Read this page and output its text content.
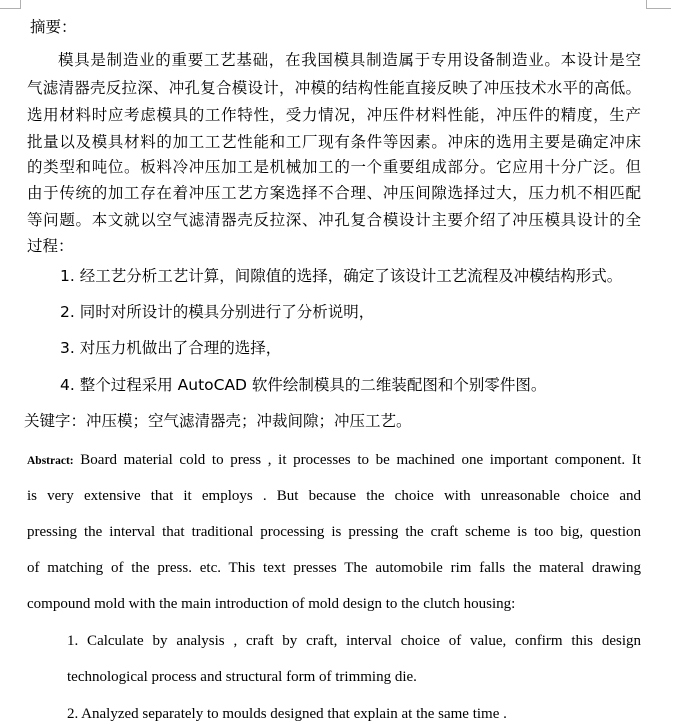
摘要：
模具是制造业的重要工艺基础，在我国模具制造属于专用设备制造业。本设计是空
气滤清器壳反拉深、冲孔复合模设计，冲模的结构性能直接反映了冲压技术水平的高低。
选用材料时应考虑模具的工作特性，受力情况，冲压件材料性能，冲压件的精度，生产
批量以及模具材料的加工工艺性能和工厂现有条件等因素。冲床的选用主要是确定冲床
的类型和吨位。板料冷冲压加工是机械加工的一个重要组成部分。它应用十分广泛。但
由于传统的加工存在着冲压工艺方案选择不合理、冲压间隙选择过大，压力机不相匹配
等问题。本文就以空气滤清器壳反拉深、冲孔复合模设计主要介绍了冲压模具设计的全
过程：
1. 经工艺分析工艺计算，间隙值的选择，确定了该设计工艺流程及冲模结构形式。
2. 同时对所设计的模具分别进行了分析说明，
3. 对压力机做出了合理的选择，
4. 整个过程采用 AutoCAD 软件绘制模具的二维装配图和个别零件图。
关键字：冲压模；空气滤清器壳；冲裁间隙；冲压工艺。
Abstract: Board material cold to press , it processes to be machined one important component. It
is very extensive that it employs . But because the choice with unreasonable choice and
pressing the interval that traditional processing is pressing the craft scheme is too big, question
of matching of the press. etc. This text presses The automobile rim falls the materal drawing
compound mold with the main introduction of mold design to the clutch housing:
1. Calculate by analysis , craft by craft, interval choice of value, confirm this design
technological process and structural form of trimming die.
2. Analyzed separately to moulds designed that explain at the same time .
